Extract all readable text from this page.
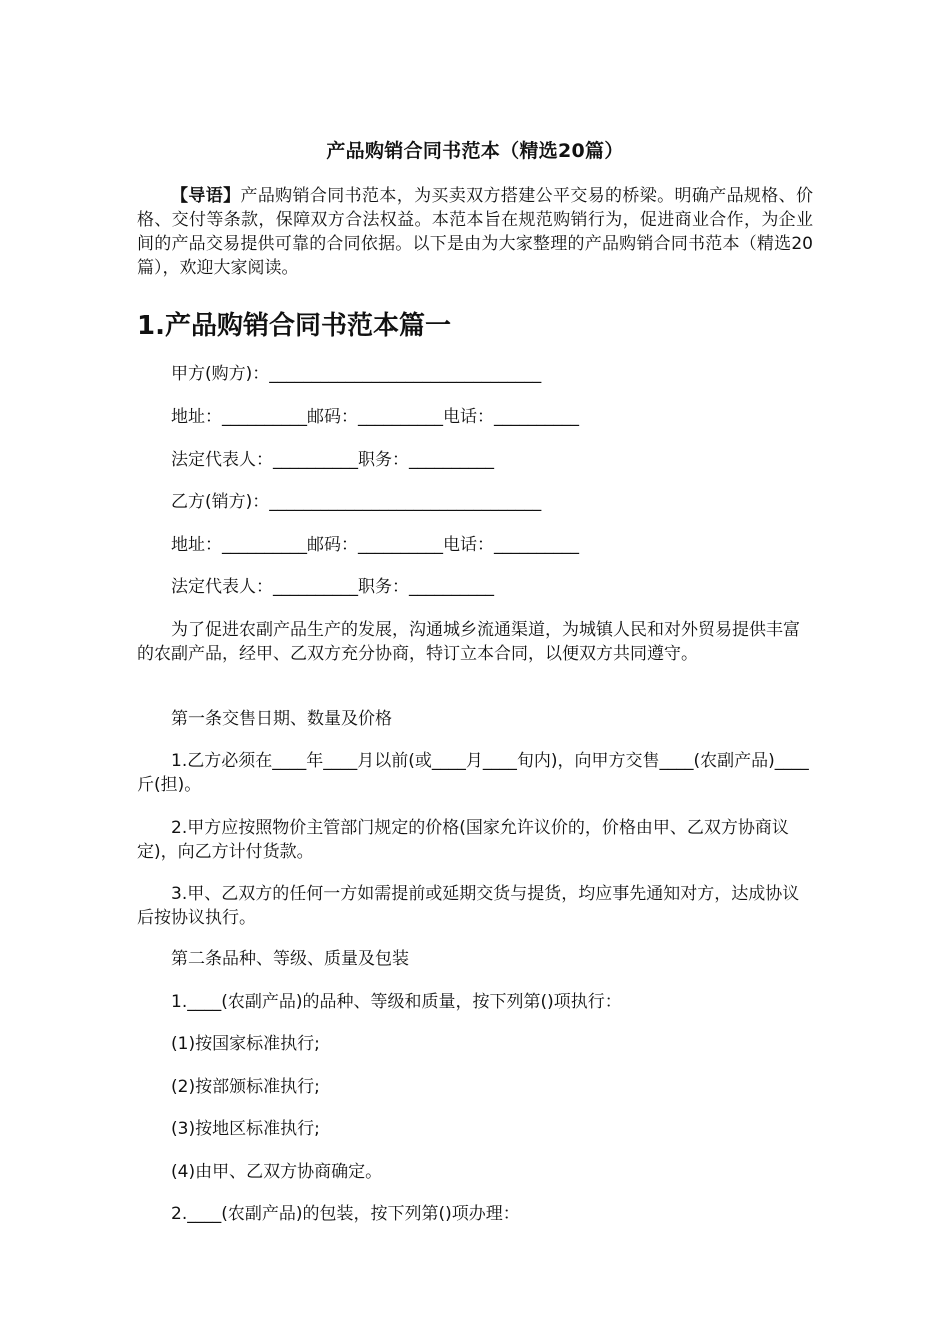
产品购销合同书范本（精选20篇）
【导语】产品购销合同书范本，为买卖双方搭建公平交易的桥梁。明确产品规格、价格、交付等条款，保障双方合法权益。本范本旨在规范购销行为，促进商业合作，为企业间的产品交易提供可靠的合同依据。以下是由为大家整理的产品购销合同书范本（精选20篇），欢迎大家阅读。
1.产品购销合同书范本篇一
甲方(购方)：________________________________
地址：__________邮码：__________电话：__________
法定代表人：__________职务：__________
乙方(销方)：________________________________
地址：__________邮码：__________电话：__________
法定代表人：__________职务：__________
为了促进农副产品生产的发展，沟通城乡流通渠道，为城镇人民和对外贸易提供丰富的农副产品，经甲、乙双方充分协商，特订立本合同，以便双方共同遵守。
第一条交售日期、数量及价格
1.乙方必须在____年____月以前(或____月____旬内)，向甲方交售____(农副产品)____斤(担)。
2.甲方应按照物价主管部门规定的价格(国家允许议价的，价格由甲、乙双方协商议定)，向乙方计付货款。
3.甲、乙双方的任何一方如需提前或延期交货与提货，均应事先通知对方，达成协议后按协议执行。
第二条品种、等级、质量及包装
1.____(农副产品)的品种、等级和质量，按下列第()项执行：
(1)按国家标准执行;
(2)按部颁标准执行;
(3)按地区标准执行;
(4)由甲、乙双方协商确定。
2.____(农副产品)的包装，按下列第()项办理：
